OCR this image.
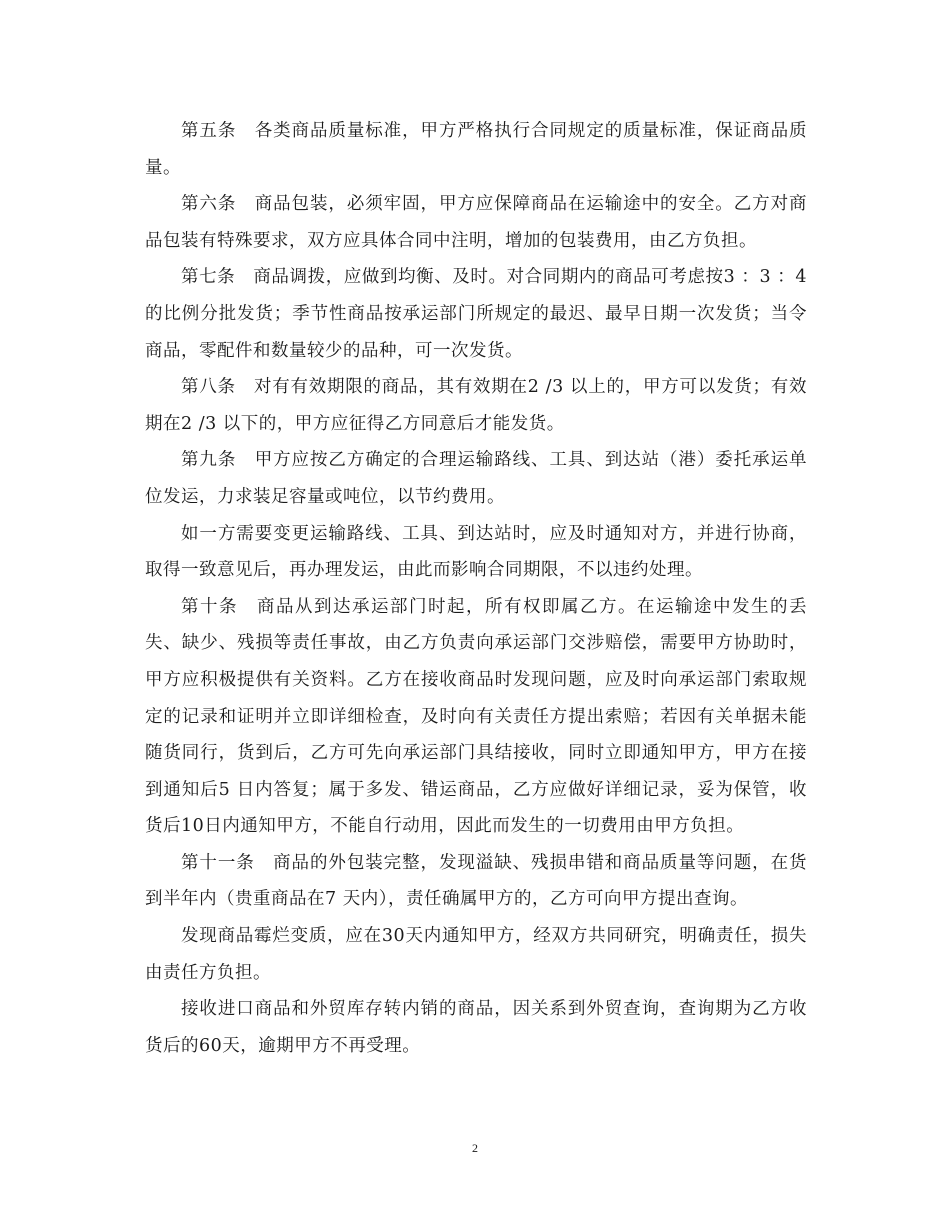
第五条　各类商品质量标准，甲方严格执行合同规定的质量标准，保证商品质量。

第六条　商品包装，必须牢固，甲方应保障商品在运输途中的安全。乙方对商品包装有特殊要求，双方应具体合同中注明，增加的包装费用，由乙方负担。

第七条　商品调拨，应做到均衡、及时。对合同期内的商品可考虑按3 ：3 ：4 的比例分批发货；季节性商品按承运部门所规定的最迟、最早日期一次发货；当令商品，零配件和数量较少的品种，可一次发货。

第八条　对有有效期限的商品，其有效期在2 /3 以上的，甲方可以发货；有效期在2 /3 以下的，甲方应征得乙方同意后才能发货。

第九条　甲方应按乙方确定的合理运输路线、工具、到达站（港）委托承运单位发运，力求装足容量或吨位，以节约费用。

如一方需要变更运输路线、工具、到达站时，应及时通知对方，并进行协商，取得一致意见后，再办理发运，由此而影响合同期限，不以违约处理。

第十条　商品从到达承运部门时起，所有权即属乙方。在运输途中发生的丢失、缺少、残损等责任事故，由乙方负责向承运部门交涉赔偿，需要甲方协助时，甲方应积极提供有关资料。乙方在接收商品时发现问题，应及时向承运部门索取规定的记录和证明并立即详细检查，及时向有关责任方提出索赔；若因有关单据未能随货同行，货到后，乙方可先向承运部门具结接收，同时立即通知甲方，甲方在接到通知后5 日内答复；属于多发、错运商品，乙方应做好详细记录，妥为保管，收货后10日内通知甲方，不能自行动用，因此而发生的一切费用由甲方负担。

第十一条　商品的外包装完整，发现溢缺、残损串错和商品质量等问题，在货到半年内（贵重商品在7 天内），责任确属甲方的，乙方可向甲方提出查询。

发现商品霉烂变质，应在30天内通知甲方，经双方共同研究，明确责任，损失由责任方负担。

接收进口商品和外贸库存转内销的商品，因关系到外贸查询，查询期为乙方收货后的60天，逾期甲方不再受理。

2
